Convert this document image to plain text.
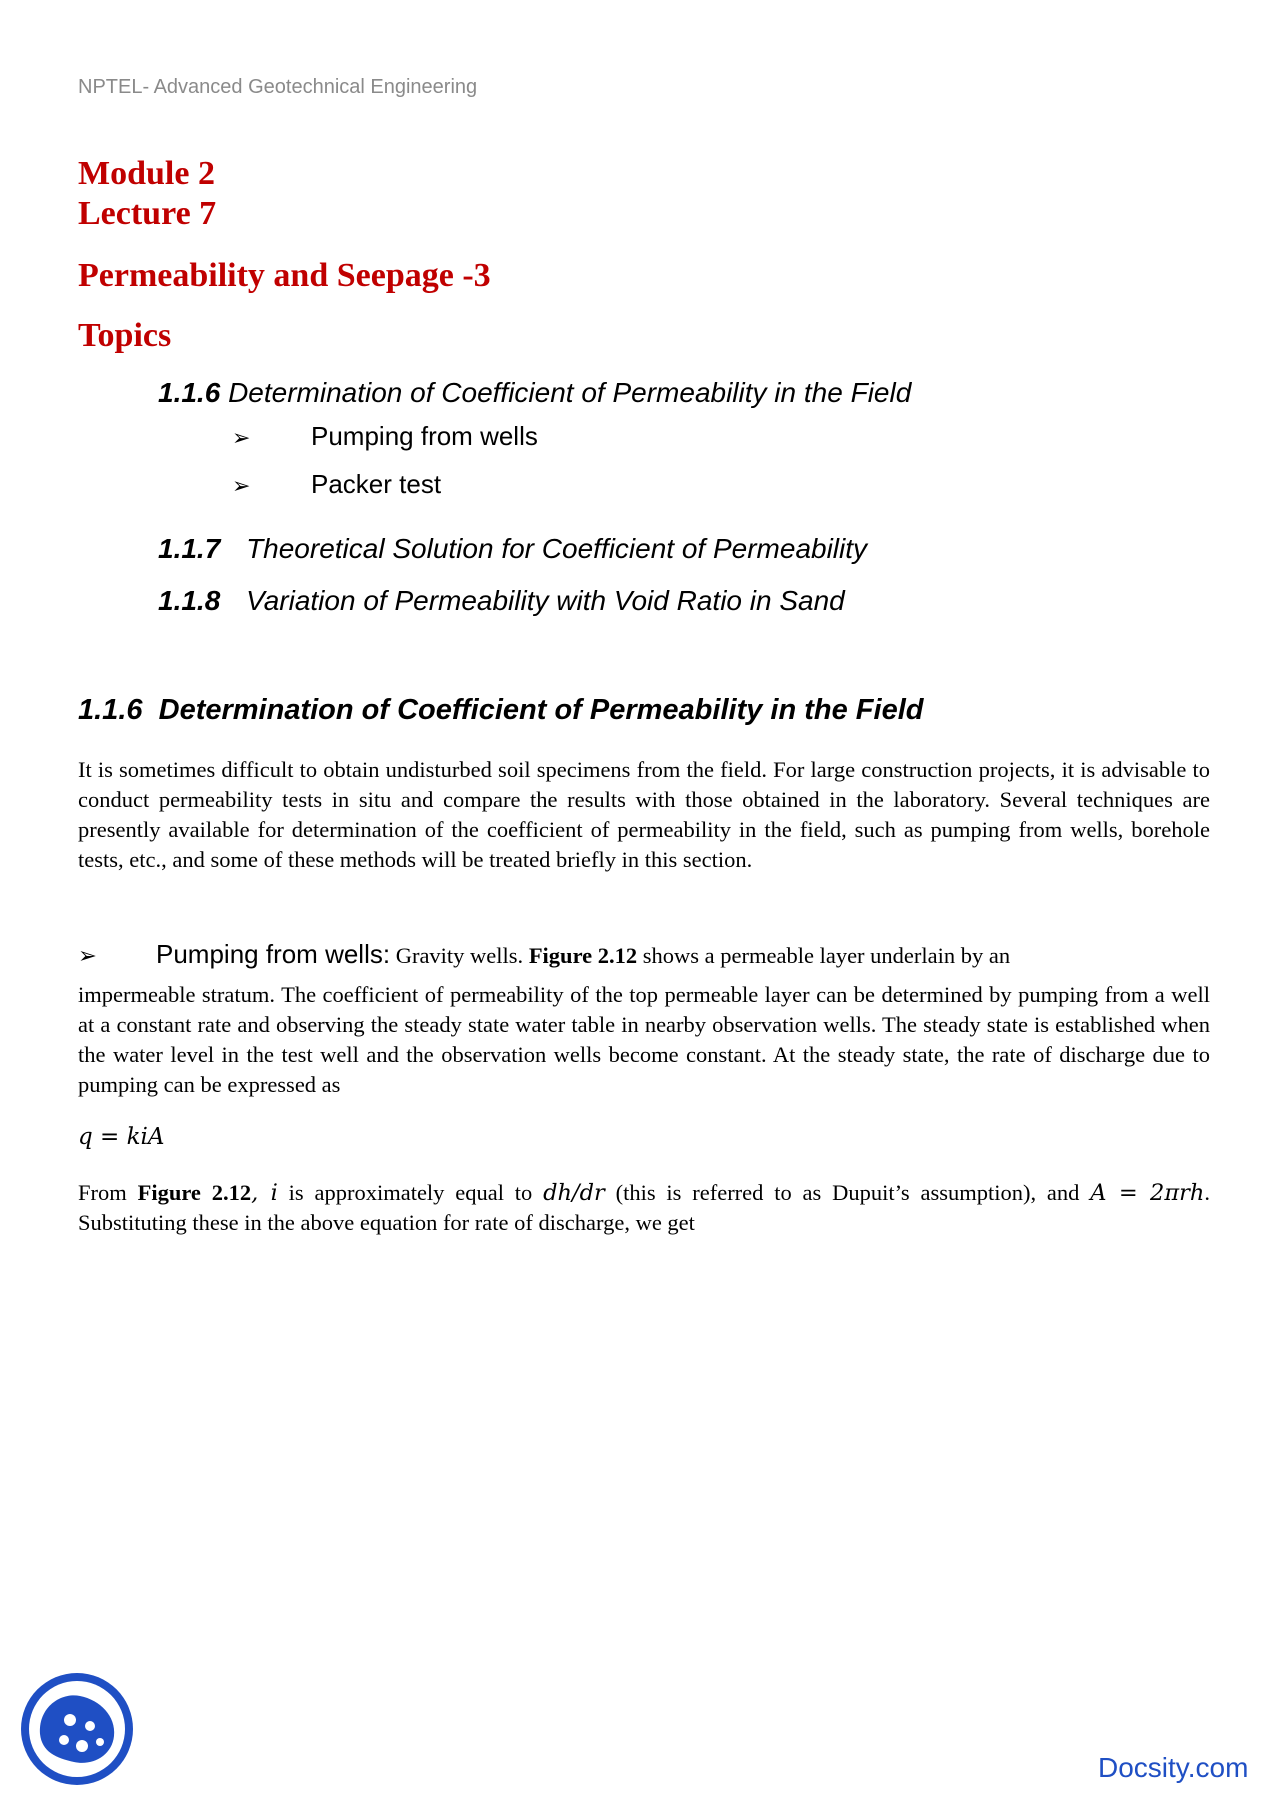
NPTEL- Advanced Geotechnical Engineering
Module 2
Lecture 7
Permeability and Seepage -3
Topics
1.1.6 Determination of Coefficient of Permeability in the Field
➢ Pumping from wells
➢ Packer test
1.1.7 Theoretical Solution for Coefficient of Permeability
1.1.8 Variation of Permeability with Void Ratio in Sand
1.1.6 Determination of Coefficient of Permeability in the Field

It is sometimes difficult to obtain undisturbed soil specimens from the field. For large construction projects, it is advisable to conduct permeability tests in situ and compare the results with those obtained in the laboratory. Several techniques are presently available for determination of the coefficient of permeability in the field, such as pumping from wells, borehole tests, etc., and some of these methods will be treated briefly in this section.

➢ Pumping from wells: Gravity wells. Figure 2.12 shows a permeable layer underlain by an

impermeable stratum. The coefficient of permeability of the top permeable layer can be determined by pumping from a well at a constant rate and observing the steady state water table in nearby observation wells. The steady state is established when the water level in the test well and the observation wells become constant. At the steady state, the rate of discharge due to pumping can be expressed as

q = kiA

From Figure 2.12, i is approximately equal to dh/dr (this is referred to as Dupuit’s assumption), and A = 2πrh. Substituting these in the above equation for rate of discharge, we get

Docsity.com
